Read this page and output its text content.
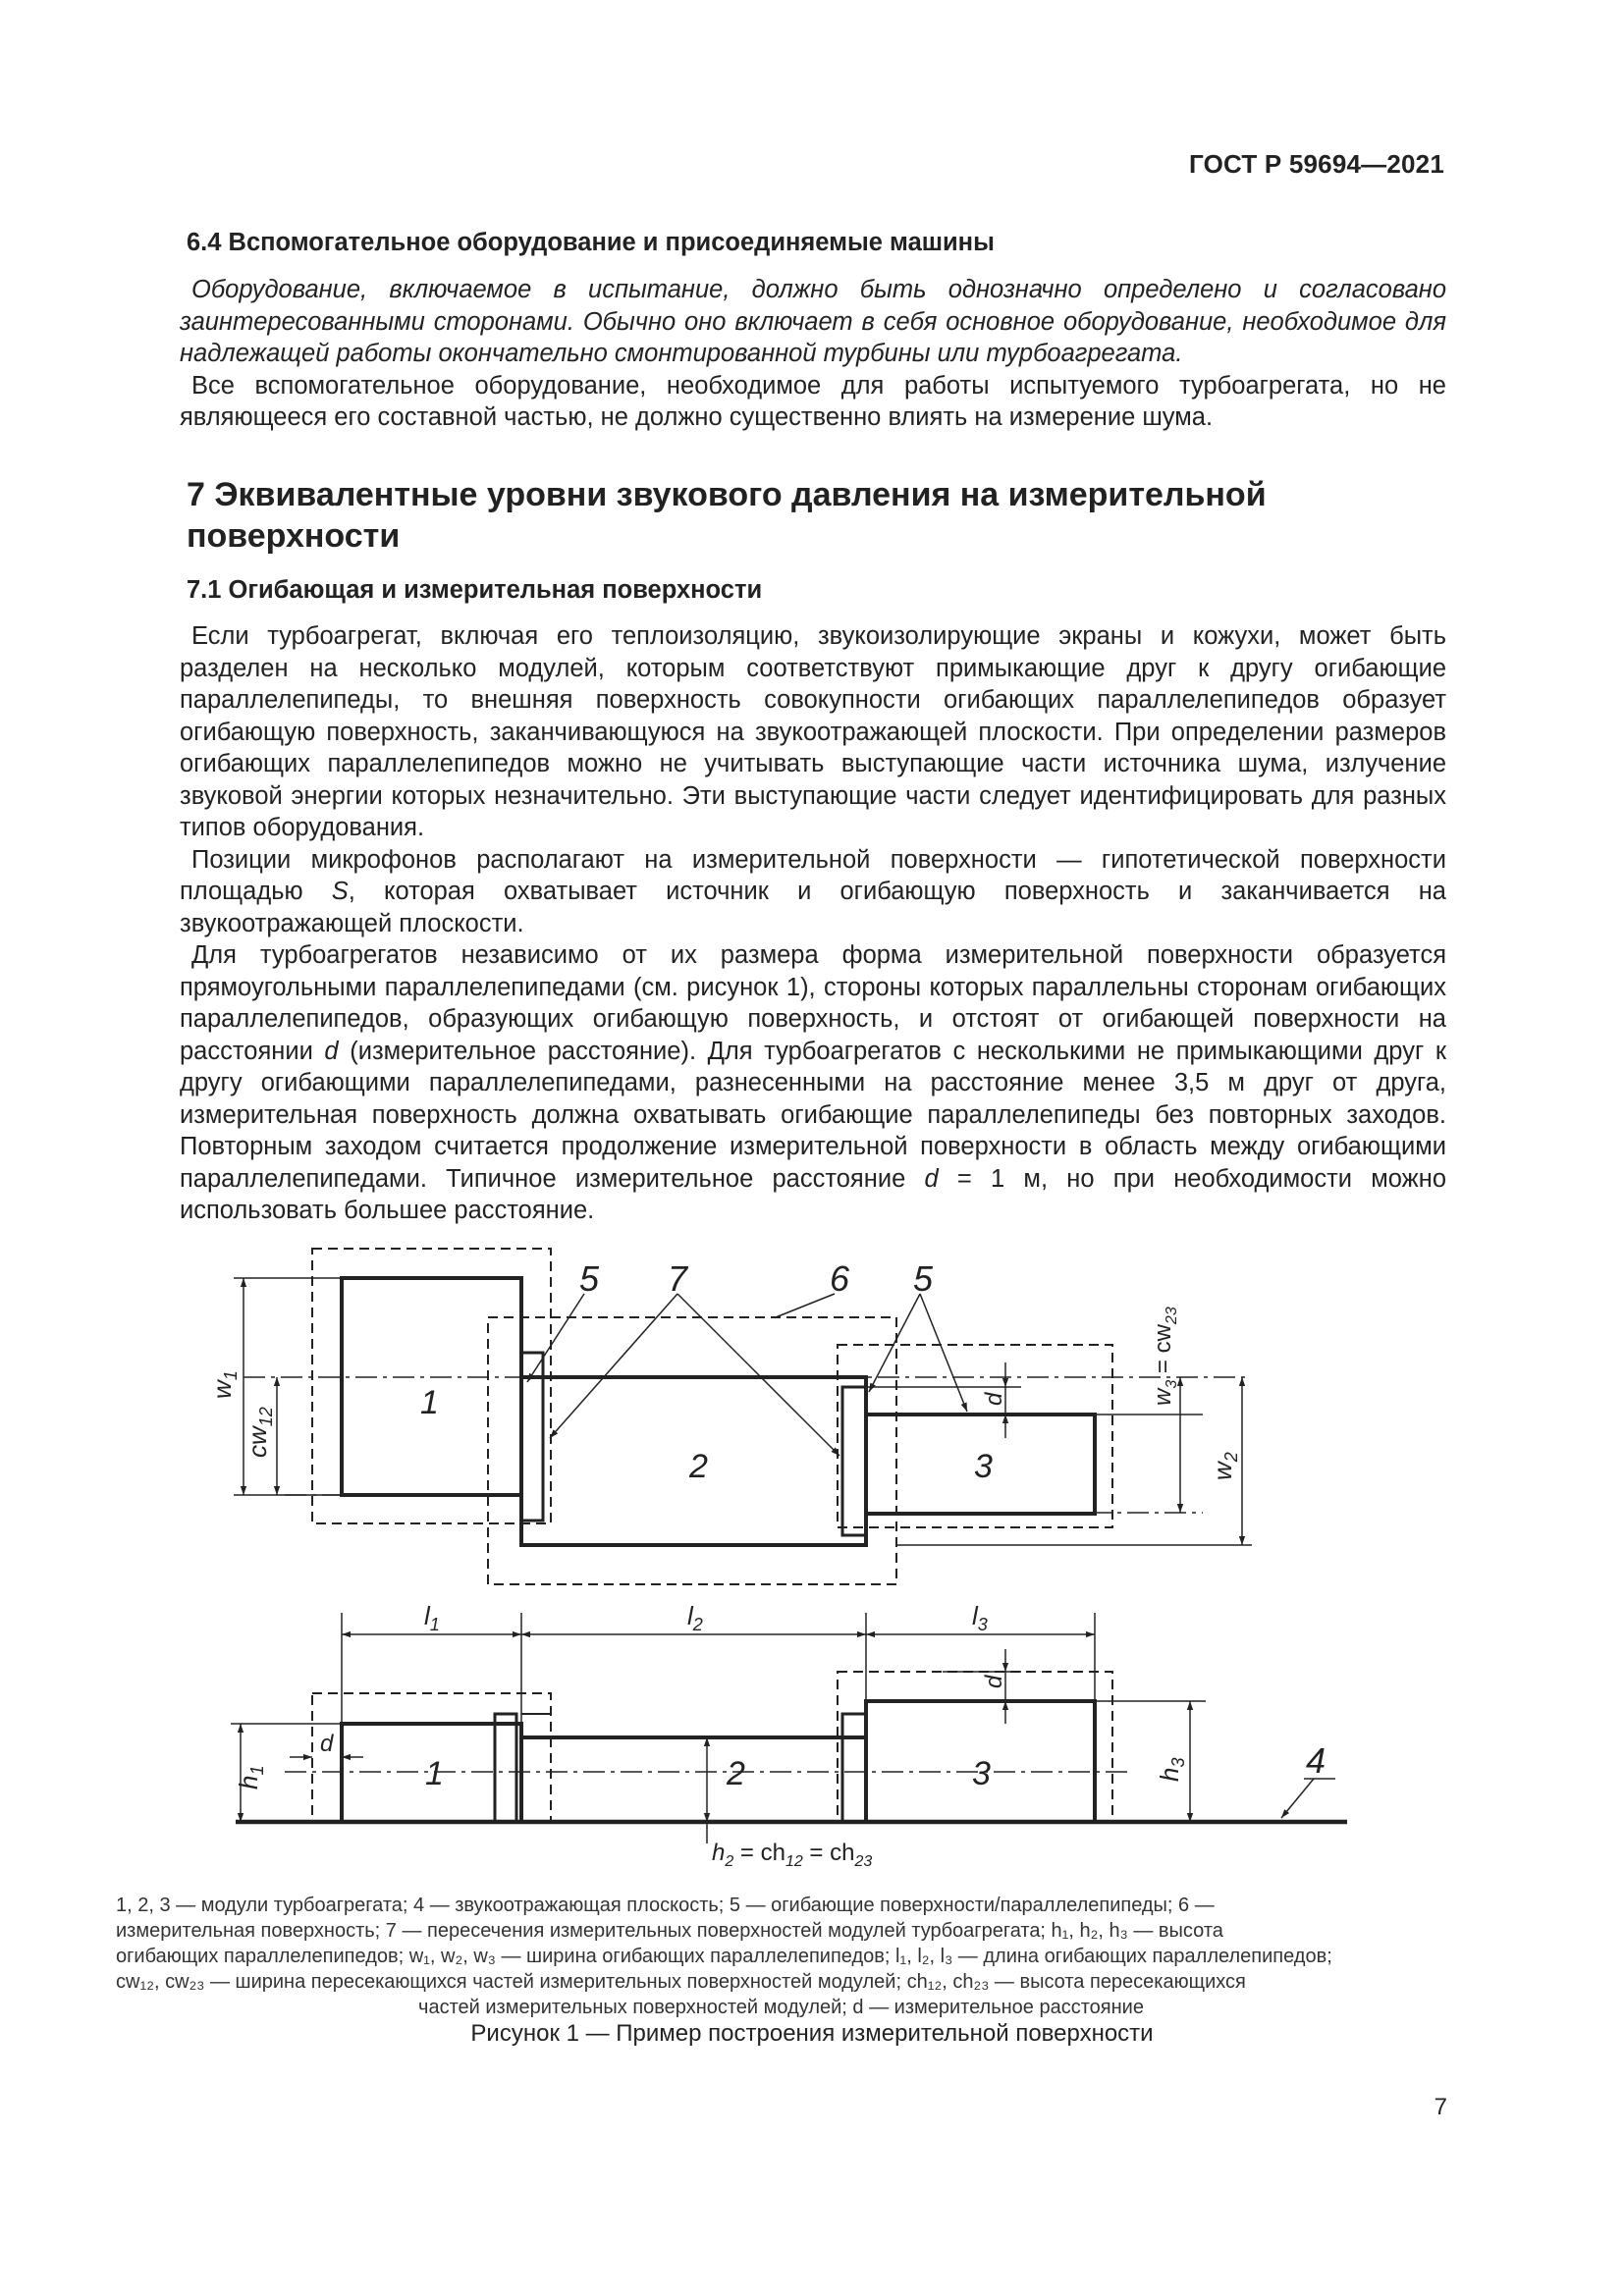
ГОСТ Р 59694—2021
6.4 Вспомогательное оборудование и присоединяемые машины

Оборудование, включаемое в испытание, должно быть однозначно определено и согласовано заинтересованными сторонами. Обычно оно включает в себя основное оборудование, необходимое для надлежащей работы окончательно смонтированной турбины или турбоагрегата.

Все вспомогательное оборудование, необходимое для работы испытуемого турбоагрегата, но не являющееся его составной частью, не должно существенно влиять на измерение шума.

7 Эквивалентные уровни звукового давления на измерительной
поверхности
7.1 Огибающая и измерительная поверхности

Если турбоагрегат, включая его теплоизоляцию, звукоизолирующие экраны и кожухи, может быть разделен на несколько модулей, которым соответствуют примыкающие друг к другу огибающие параллелепипеды, то внешняя поверхность совокупности огибающих параллелепипедов образует огибающую поверхность, заканчивающуюся на звукоотражающей плоскости. При определении размеров огибающих параллелепипедов можно не учитывать выступающие части источника шума, излучение звуковой энергии которых незначительно. Эти выступающие части следует идентифицировать для разных типов оборудования.

Позиции микрофонов располагают на измерительной поверхности — гипотетической поверхности площадью S, которая охватывает источник и огибающую поверхность и заканчивается на звукоотражающей плоскости.

Для турбоагрегатов независимо от их размера форма измерительной поверхности образуется прямоугольными параллелепипедами (см. рисунок 1), стороны которых параллельны сторонам огибающих параллелепипедов, образующих огибающую поверхность, и отстоят от огибающей поверхности на расстоянии d (измерительное расстояние). Для турбоагрегатов с несколькими не примыкающими друг к другу огибающими параллелепипедами, разнесенными на расстояние менее 3,5 м друг от друга, измерительная поверхность должна охватывать огибающие параллелепипеды без повторных заходов. Повторным заходом считается продолжение измерительной поверхности в область между огибающими параллелепипедами. Типичное измерительное расстояние d = 1 м, но при необходимости можно использовать большее расстояние.

5 7	6 5
1
2	3
$w_1$
$cw_{12}$
$w_3 = cw_{23}$
$w_2$
d
$l_1$	$l_2$	$l_3$
1	2	3
$h_1$	$h_3$
d
d
4
$h_2 = ch_{12} = ch_{23}$
1, 2, 3 — модули турбоагрегата; 4 — звукоотражающая плоскость; 5 — огибающие поверхности/параллелепипеды; 6 —
измерительная поверхность; 7 — пересечения измерительных поверхностей модулей турбоагрегата; h₁, h₂, h₃ — высота
огибающих параллелепипедов; w₁, w₂, w₃ — ширина огибающих параллелепипедов; l₁, l₂, l₃ — длина огибающих параллелепипедов;
cw₁₂, cw₂₃ — ширина пересекающихся частей измерительных поверхностей модулей; ch₁₂, ch₂₃ — высота пересекающихся
частей измерительных поверхностей модулей; d — измерительное расстояние
Рисунок 1 — Пример построения измерительной поверхности
7
